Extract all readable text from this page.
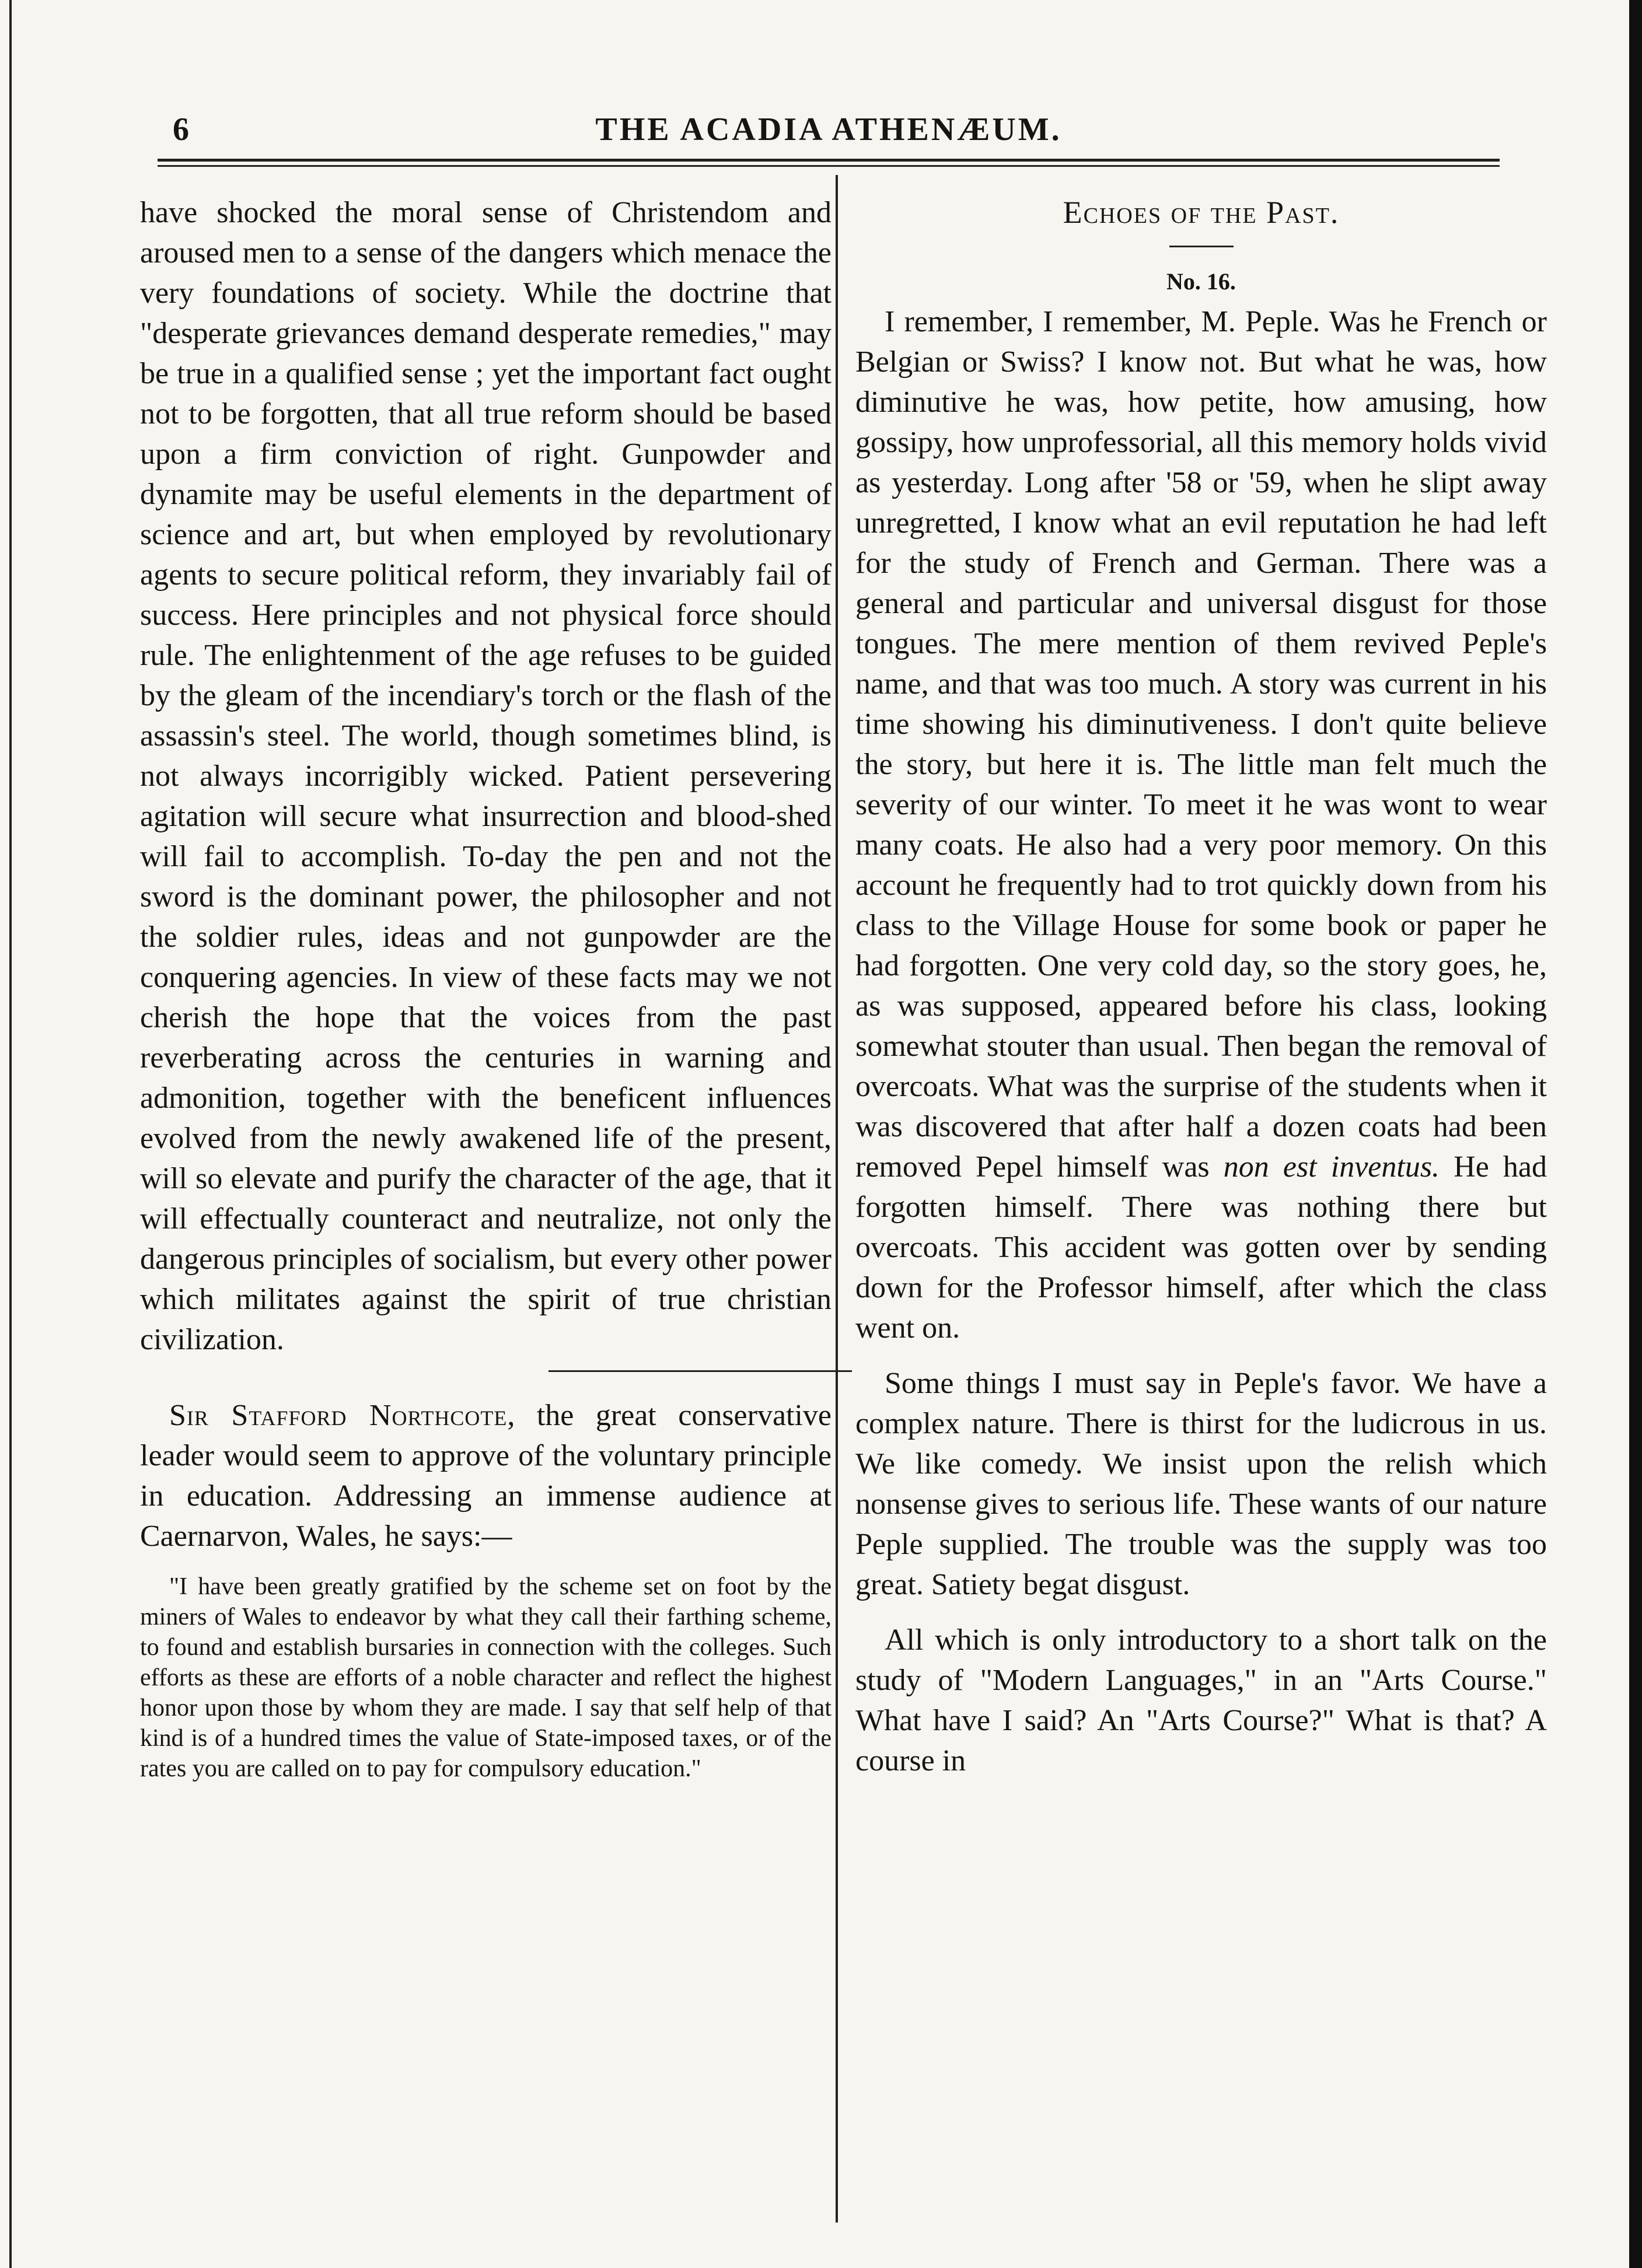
6	THE ACADIA ATHENÆUM.

have shocked the moral sense of Christendom and aroused men to a sense of the dangers which menace the very foundations of society. While the doctrine that "desperate grievances demand desperate remedies," may be true in a qualified sense ; yet the important fact ought not to be forgotten, that all true reform should be based upon a firm conviction of right. Gunpowder and dynamite may be useful elements in the department of science and art, but when employed by revolutionary agents to secure political reform, they invariably fail of success. Here principles and not physical force should rule. The enlightenment of the age refuses to be guided by the gleam of the incendiary's torch or the flash of the assassin's steel. The world, though sometimes blind, is not always incorrigibly wicked. Patient persevering agitation will secure what insurrection and blood-shed will fail to accomplish. To-day the pen and not the sword is the dominant power, the philosopher and not the soldier rules, ideas and not gunpowder are the conquering agencies. In view of these facts may we not cherish the hope that the voices from the past reverberating across the centuries in warning and admonition, together with the beneficent influences evolved from the newly awakened life of the present, will so elevate and purify the character of the age, that it will effectually counteract and neutralize, not only the dangerous principles of socialism, but every other power which militates against the spirit of true christian civilization.

Sir Stafford Northcote, the great conservative leader would seem to approve of the voluntary principle in education. Addressing an immense audience at Caernarvon, Wales, he says:—

"I have been greatly gratified by the scheme set on foot by the miners of Wales to endeavor by what they call their farthing scheme, to found and establish bursaries in connection with the colleges. Such efforts as these are efforts of a noble character and reflect the highest honor upon those by whom they are made. I say that self help of that kind is of a hundred times the value of State-imposed taxes, or of the rates you are called on to pay for compulsory education."

Echoes of the Past.

No. 16.

I remember, I remember, M. Peple. Was he French or Belgian or Swiss? I know not. But what he was, how diminutive he was, how petite, how amusing, how gossipy, how unprofessorial, all this memory holds vivid as yesterday. Long after '58 or '59, when he slipt away unregretted, I know what an evil reputation he had left for the study of French and German. There was a general and particular and universal disgust for those tongues. The mere mention of them revived Peple's name, and that was too much. A story was current in his time showing his diminutiveness. I don't quite believe the story, but here it is. The little man felt much the severity of our winter. To meet it he was wont to wear many coats. He also had a very poor memory. On this account he frequently had to trot quickly down from his class to the Village House for some book or paper he had forgotten. One very cold day, so the story goes, he, as was supposed, appeared before his class, looking somewhat stouter than usual. Then began the removal of overcoats. What was the surprise of the students when it was discovered that after half a dozen coats had been removed Pepel himself was non est inventus. He had forgotten himself. There was nothing there but overcoats. This accident was gotten over by sending down for the Professor himself, after which the class went on.

Some things I must say in Peple's favor. We have a complex nature. There is thirst for the ludicrous in us. We like comedy. We insist upon the relish which nonsense gives to serious life. These wants of our nature Peple supplied. The trouble was the supply was too great. Satiety begat disgust.

All which is only introductory to a short talk on the study of "Modern Languages," in an "Arts Course." What have I said? An "Arts Course?" What is that? A course in
